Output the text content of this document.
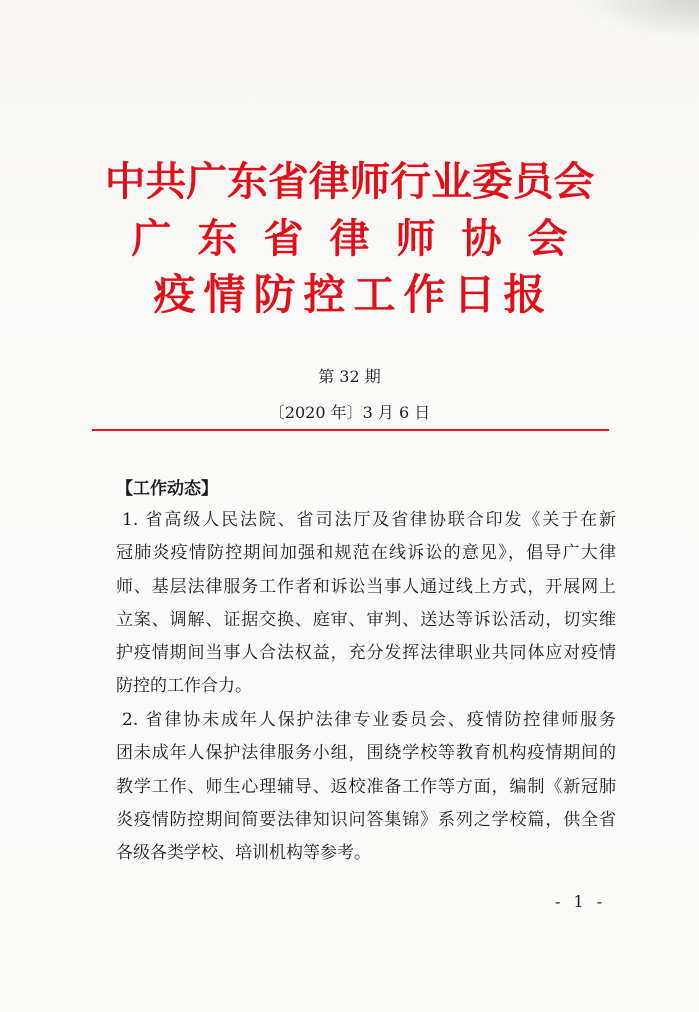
中共广东省律师行业委员会
广东省律师协会
疫情防控工作日报
第 32 期
〔2020 年〕3 月 6 日
【工作动态】
1. 省高级人民法院、省司法厅及省律协联合印发《关于在新
冠肺炎疫情防控期间加强和规范在线诉讼的意见》，倡导广大律
师、基层法律服务工作者和诉讼当事人通过线上方式，开展网上
立案、调解、证据交换、庭审、审判、送达等诉讼活动，切实维
护疫情期间当事人合法权益，充分发挥法律职业共同体应对疫情
防控的工作合力。
2. 省律协未成年人保护法律专业委员会、疫情防控律师服务
团未成年人保护法律服务小组，围绕学校等教育机构疫情期间的
教学工作、师生心理辅导、返校准备工作等方面，编制《新冠肺
炎疫情防控期间简要法律知识问答集锦》系列之学校篇，供全省
各级各类学校、培训机构等参考。
- 1 -
